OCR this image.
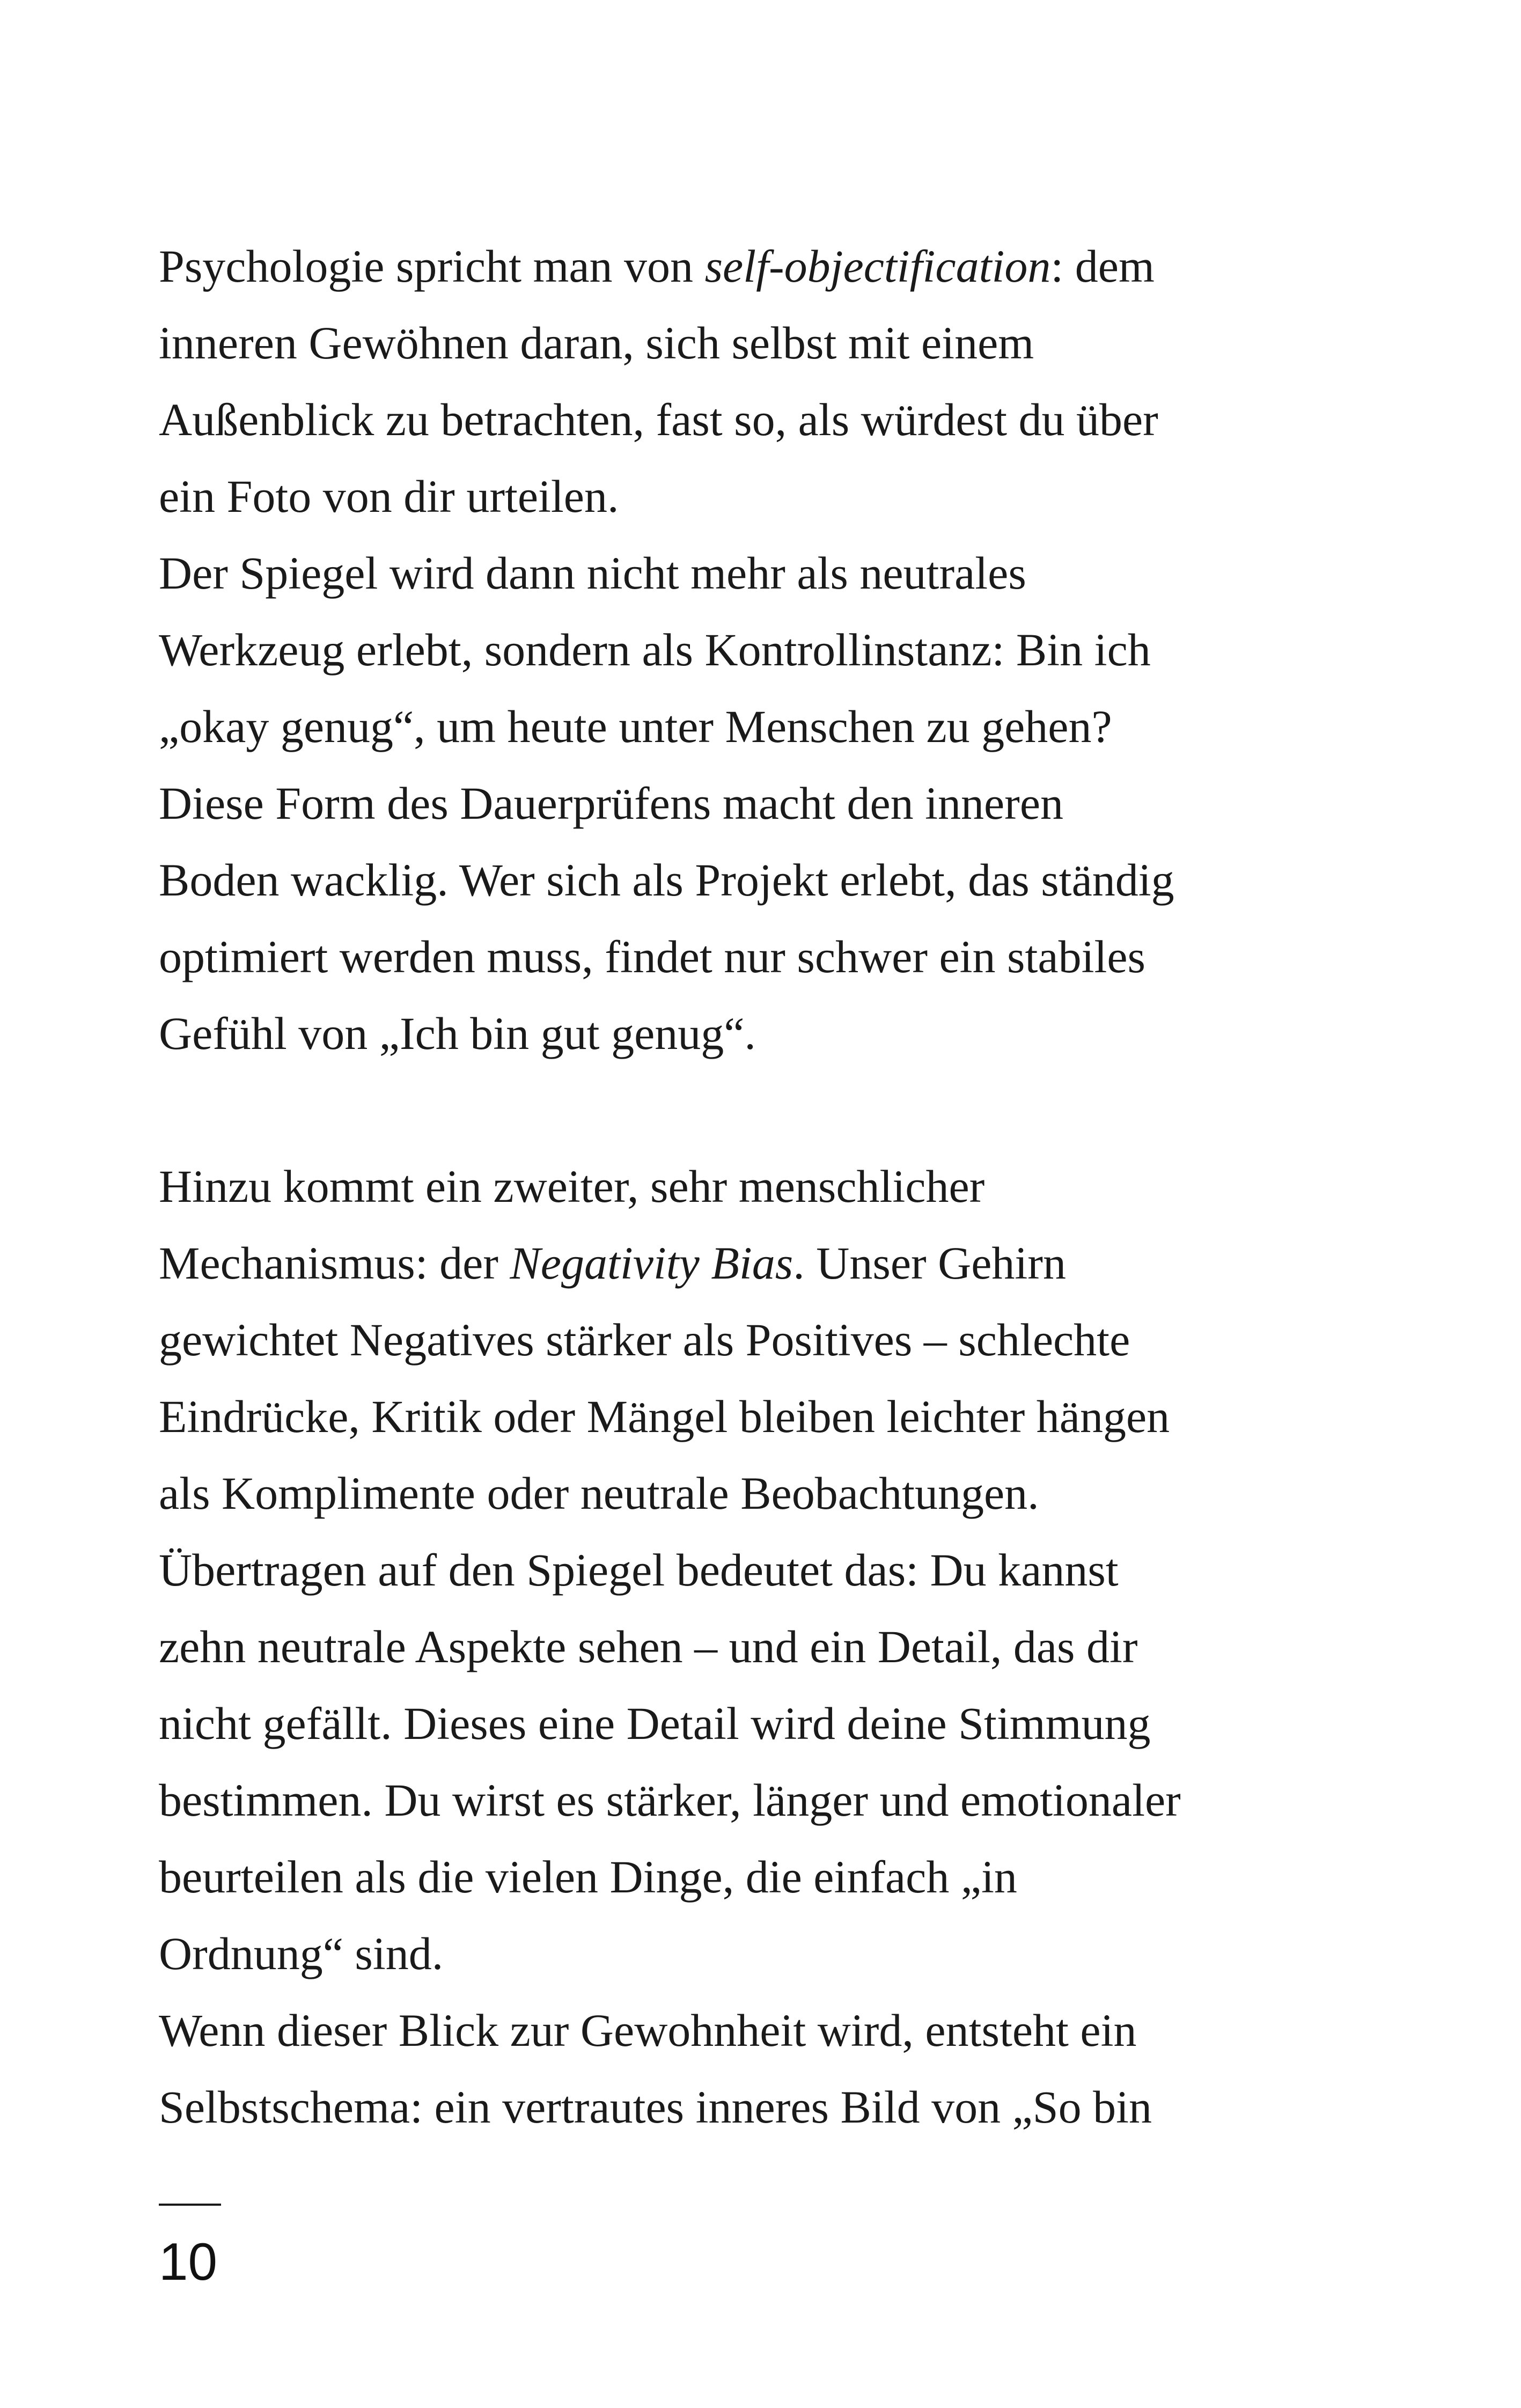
Psychologie spricht man von self-objectification: dem
inneren Gewöhnen daran, sich selbst mit einem
Außenblick zu betrachten, fast so, als würdest du über
ein Foto von dir urteilen.
Der Spiegel wird dann nicht mehr als neutrales
Werkzeug erlebt, sondern als Kontrollinstanz: Bin ich
„okay genug“, um heute unter Menschen zu gehen?
Diese Form des Dauerprüfens macht den inneren
Boden wacklig. Wer sich als Projekt erlebt, das ständig
optimiert werden muss, findet nur schwer ein stabiles
Gefühl von „Ich bin gut genug“.
Hinzu kommt ein zweiter, sehr menschlicher
Mechanismus: der Negativity Bias. Unser Gehirn
gewichtet Negatives stärker als Positives – schlechte
Eindrücke, Kritik oder Mängel bleiben leichter hängen
als Komplimente oder neutrale Beobachtungen.
Übertragen auf den Spiegel bedeutet das: Du kannst
zehn neutrale Aspekte sehen – und ein Detail, das dir
nicht gefällt. Dieses eine Detail wird deine Stimmung
bestimmen. Du wirst es stärker, länger und emotionaler
beurteilen als die vielen Dinge, die einfach „in
Ordnung“ sind.
Wenn dieser Blick zur Gewohnheit wird, entsteht ein
Selbstschema: ein vertrautes inneres Bild von „So bin
10
